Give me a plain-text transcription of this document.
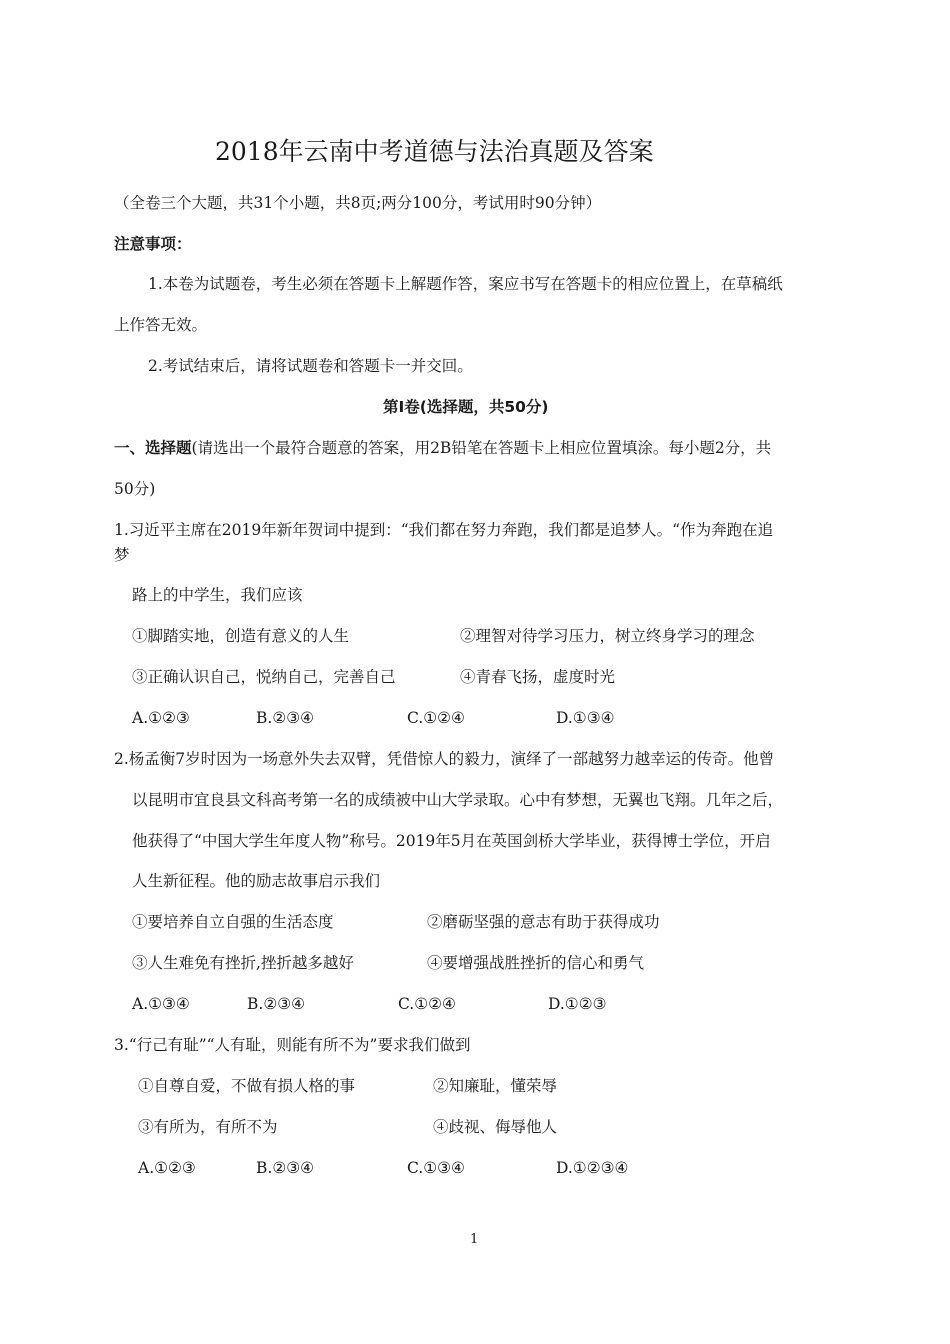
2018年云南中考道德与法治真题及答案
（全卷三个大题，共31个小题，共8页;两分100分，考试用时90分钟）
注意事项：
1.本卷为试题卷，考生必须在答题卡上解题作答，案应书写在答题卡的相应位置上，在草稿纸
上作答无效。
2.考试结束后，请将试题卷和答题卡一并交回。
第Ⅰ卷(选择题，共50分)
一、选择题(请选出一个最符合题意的答案，用2B铅笔在答题卡上相应位置填涂。每小题2分，共
50分)
1.习近平主席在2019年新年贺词中提到：“我们都在努力奔跑，我们都是追梦人。“作为奔跑在追
梦
路上的中学生，我们应该
①脚踏实地，创造有意义的人生	②理智对待学习压力，树立终身学习的理念
③正确认识自己，悦纳自己，完善自己	④青春飞扬，虚度时光
A.①②③	B.②③④	C.①②④	D.①③④
2.杨孟衡7岁时因为一场意外失去双臂，凭借惊人的毅力，演绎了一部越努力越幸运的传奇。他曾
以昆明市宜良县文科高考第一名的成绩被中山大学录取。心中有梦想，无翼也飞翔。几年之后，
他获得了“中国大学生年度人物”称号。2019年5月在英国剑桥大学毕业，获得博士学位，开启
人生新征程。他的励志故事启示我们
①要培养自立自强的生活态度	②磨砺坚强的意志有助于获得成功
③人生难免有挫折,挫折越多越好	④要增强战胜挫折的信心和勇气
A.①③④	B.②③④	C.①②④	D.①②③
3.“行己有耻”“人有耻，则能有所不为”要求我们做到
①自尊自爱，不做有损人格的事	②知廉耻，懂荣辱
③有所为，有所不为	④歧视、侮辱他人
A.①②③	B.②③④	C.①③④	D.①②③④
1
